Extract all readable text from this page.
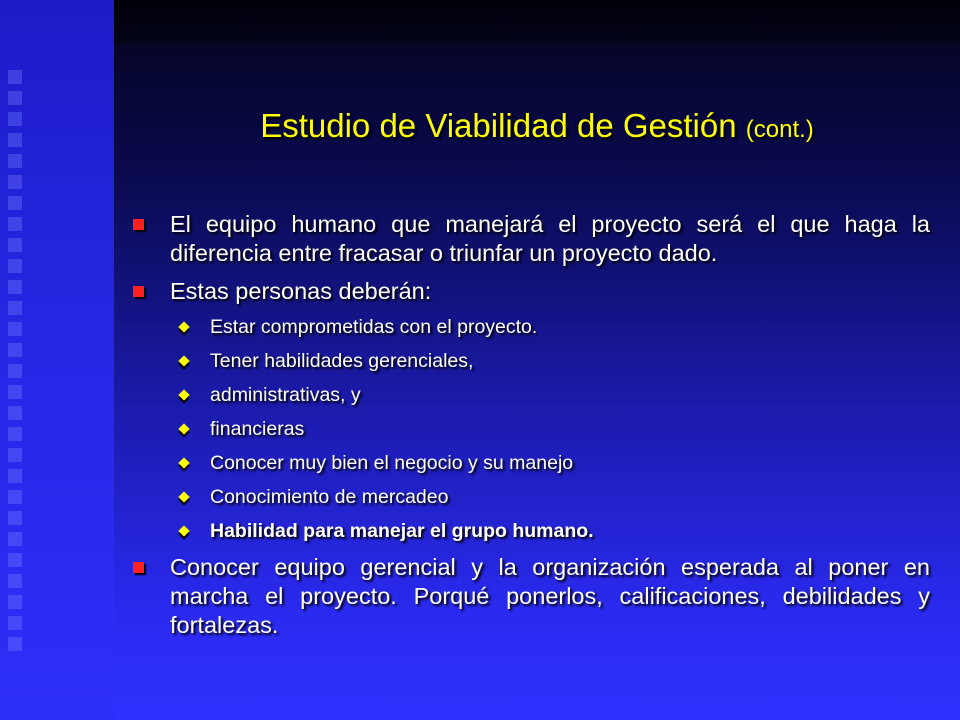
Estudio de Viabilidad de Gestión (cont.)
El equipo humano que manejará el proyecto será el que haga la diferencia entre fracasar o triunfar un proyecto dado.
Estas personas deberán:
Estar comprometidas con el proyecto.
Tener habilidades gerenciales,
administrativas, y
financieras
Conocer muy bien el negocio y su manejo
Conocimiento de mercadeo
Habilidad para manejar el grupo humano.
Conocer equipo gerencial y la organización esperada al poner en marcha el proyecto. Porqué ponerlos, calificaciones, debilidades y fortalezas.
